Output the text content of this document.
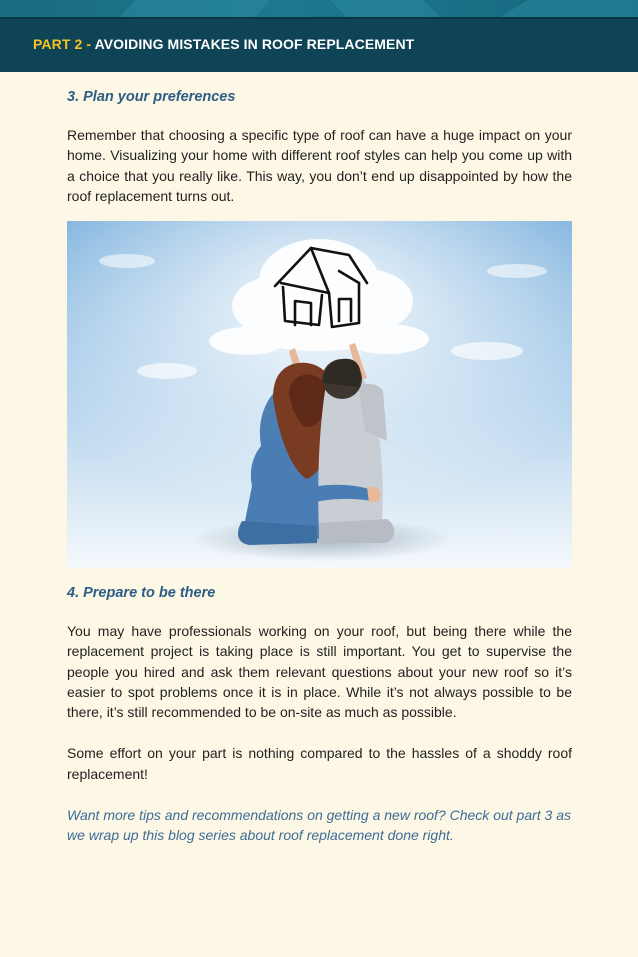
PART 2 - AVOIDING MISTAKES IN ROOF REPLACEMENT

3. Plan your preferences

Remember that choosing a specific type of roof can have a huge impact on your home. Visualizing your home with different roof styles can help you come up with a choice that you really like. This way, you don’t end up disappointed by how the roof replacement turns out.

4. Prepare to be there

You may have professionals working on your roof, but being there while the replacement project is taking place is still important. You get to supervise the people you hired and ask them relevant questions about your new roof so it’s easier to spot problems once it is in place. While it’s not always possible to be there, it’s still recommended to be on-site as much as possible.

Some effort on your part is nothing compared to the hassles of a shoddy roof replacement!

Want more tips and recommendations on getting a new roof? Check out part 3 as we wrap up this blog series about roof replacement done right.
